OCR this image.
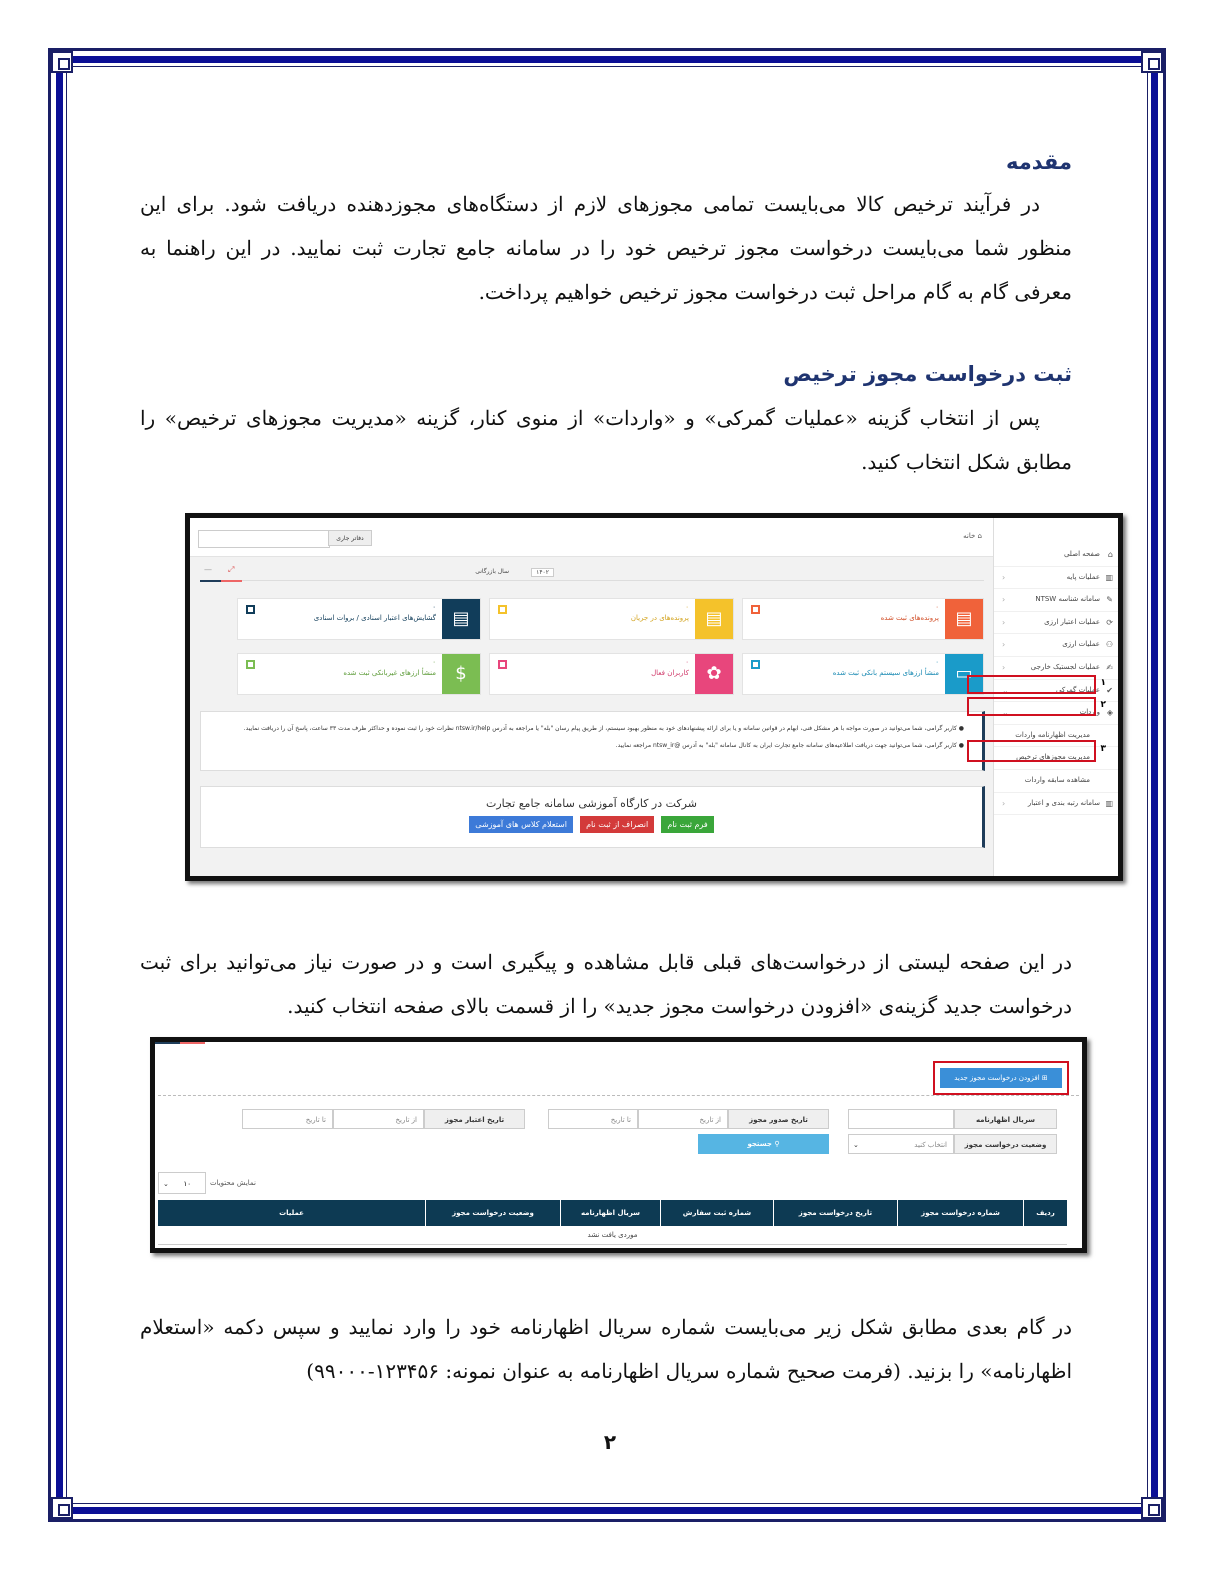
مقدمه

در فرآیند ترخیص کالا می‌بایست تمامی مجوزهای لازم از دستگاه‌های مجوزدهنده دریافت شود. برای این منظور شما می‌بایست درخواست مجوز ترخیص خود را در سامانه جامع تجارت ثبت نمایید. در این راهنما به معرفی گام به گام مراحل ثبت درخواست مجوز ترخیص خواهیم پرداخت.

ثبت درخواست مجوز ترخیص

پس از انتخاب گزینه «عملیات گمرکی» و «واردات» از منوی کنار، گزینه «مدیریت مجوزهای ترخیص» را مطابق شکل انتخاب کنید.

در این صفحه لیستی از درخواست‌های قبلی قابل مشاهده و پیگیری است و در صورت نیاز می‌توانید برای ثبت درخواست جدید گزینه‌ی «افزودن درخواست مجوز جدید» را از قسمت بالای صفحه انتخاب کنید.

در گام بعدی مطابق شکل زیر می‌بایست شماره سریال اظهارنامه خود را وارد نمایید و سپس دکمه «استعلام اظهارنامه» را بزنید. (فرمت صحیح شماره سریال اظهارنامه به عنوان نمونه: ۱۲۳۴۵۶-۹۹۰۰۰)

۲
⌂ خانه
دفاتر جاری
سال بازرگانی	۱۴۰۲
⤢
—
▤
پرونده‌های ثبت شده
۰
▤
پرونده‌های در جریان
۰
▤
گشایش‌های اعتبار اسنادی / بروات اسنادی
۰
▭
منشأ ارزهای سیستم بانکی ثبت شده
۰
✿
کاربران فعال
۰
$
منشأ ارزهای غیربانکی ثبت شده
۰
● کاربر گرامی، شما می‌توانید در صورت مواجه با هر مشکل فنی، ابهام در قوانین سامانه و یا برای ارائه پیشنهادهای خود به منظور بهبود سیستم، از طریق پیام رسان "بله" یا مراجعه به آدرس ntsw.ir/help نظرات خود را ثبت نموده و حداکثر ظرف مدت ۳۳ ساعت، پاسخ آن را دریافت نمایید.
● کاربر گرامی، شما می‌توانید جهت دریافت اطلاعیه‌های سامانه جامع تجارت ایران به کانال سامانه "بله" به آدرس @ntsw_ir مراجعه نمایید.
شرکت در کارگاه آموزشی سامانه جامع تجارت
فرم ثبت نام انصراف از ثبت نام استعلام کلاس های آموزشی
⌂
صفحه اصلی
▥
عملیات پایه
‹
✎
سامانه شناسه NTSW
‹
⟳
عملیات اعتبار ارزی
‹
⚇
عملیات ارزی
‹
✍
عملیات لجستیک خارجی
‹
✔
عملیات گمرکی
⌄
◈
واردات
⌄
مدیریت اظهارنامه واردات
مدیریت مجوزهای ترخیص
مشاهده سابقه واردات
▥
سامانه رتبه بندی و اعتبار
‹
۱
۲
۳
⊞ افزودن درخواست مجوز جدید
سریال اظهارنامه
وضعیت درخواست مجوز
انتخاب کنید
⌄
تاریخ صدور مجوز
از تاریخ
تا تاریخ
⚲ جستجو
تاریخ اعتبار مجوز
از تاریخ
تا تاریخ
نمایش محتویات
۱۰
⌄
ردیف
شماره درخواست مجوز
تاریخ درخواست مجوز
شماره ثبت سفارش
سریال اظهارنامه
وضعیت درخواست مجوز
عملیات
موردی یافت نشد
